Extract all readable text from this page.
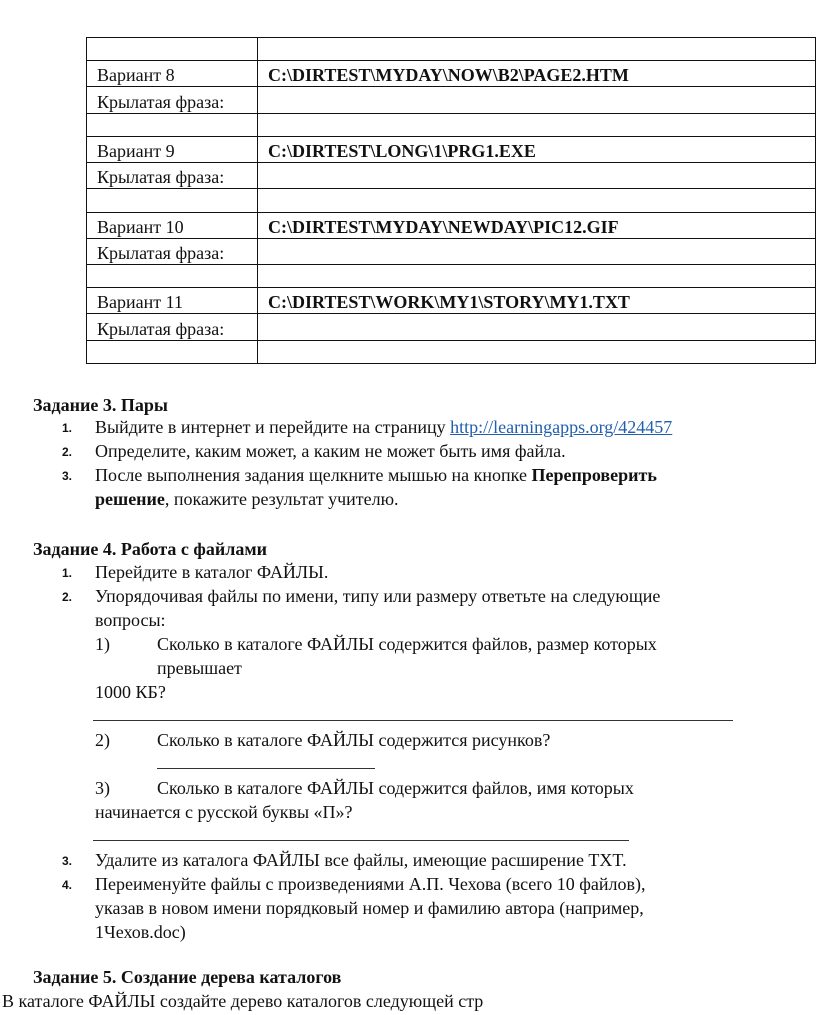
Вариант 8	C:\DIRTEST\MYDAY\NOW\B2\PAGE2.HTM
Крылатая фраза:	

Вариант 9	C:\DIRTEST\LONG\1\PRG1.EXE
Крылатая фраза:	

Вариант 10	C:\DIRTEST\MYDAY\NEWDAY\PIC12.GIF
Крылатая фраза:	

Вариант 11	C:\DIRTEST\WORK\MY1\STORY\MY1.TXT
Крылатая фраза:	

Задание 3. Пары
1. Выйдите в интернет и перейдите на страницу http://learningapps.org/424457
2. Определите, каким может, а каким не может быть имя файла.
3. После выполнения задания щелкните мышью на кнопке Перепроверить
решение, покажите результат учителю.
Задание 4. Работа с файлами
1. Перейдите в каталог ФАЙЛЫ.
2. Упорядочивая файлы по имени, типу или размеру ответьте на следующие
вопросы:
1)	Сколько в каталоге ФАЙЛЫ содержится файлов, размер которых
превышает
1000 КБ?
2)	Сколько в каталоге ФАЙЛЫ содержится рисунков?
3)	Сколько в каталоге ФАЙЛЫ содержится файлов, имя которых
начинается с русской буквы «П»?
3. Удалите из каталога ФАЙЛЫ все файлы, имеющие расширение TXT.
4. Переименуйте файлы с произведениями А.П. Чехова (всего 10 файлов),
указав в новом имени порядковый номер и фамилию автора (например,
1Чехов.doc)
Задание 5. Создание дерева каталогов
В каталоге ФАЙЛЫ создайте дерево каталогов следующей стр
